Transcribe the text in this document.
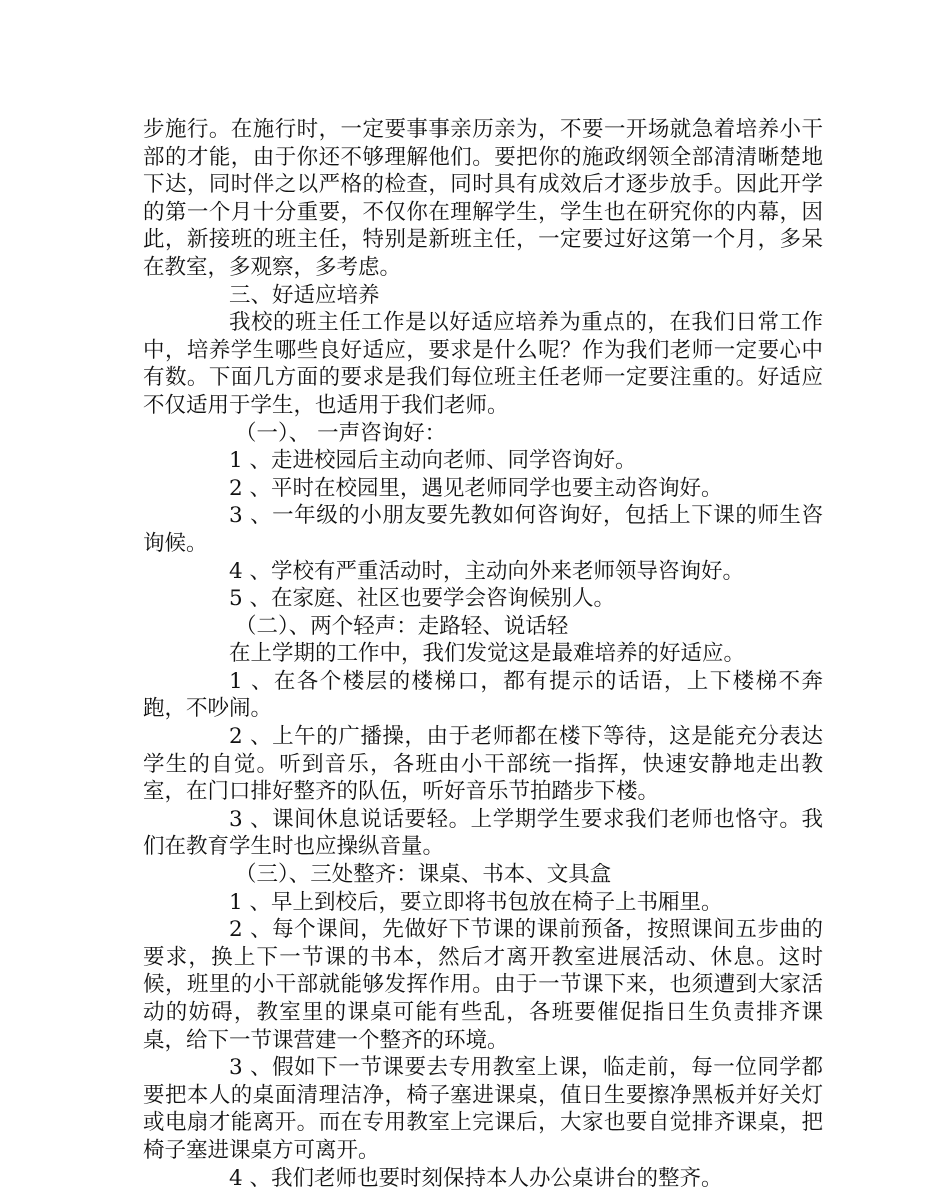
步施行。在施行时，一定要事事亲历亲为，不要一开场就急着培养小干部的才能，由于你还不够理解他们。要把你的施政纲领全部清清晰楚地下达，同时伴之以严格的检查，同时具有成效后才逐步放手。因此开学的第一个月十分重要，不仅你在理解学生，学生也在研究你的内幕，因此，新接班的班主任，特别是新班主任，一定要过好这第一个月，多呆在教室，多观察，多考虑。

三、好适应培养

我校的班主任工作是以好适应培养为重点的，在我们日常工作中，培养学生哪些良好适应，要求是什么呢？作为我们老师一定要心中有数。下面几方面的要求是我们每位班主任老师一定要注重的。好适应不仅适用于学生，也适用于我们老师。

（一）、 一声咨询好：

1 、走进校园后主动向老师、同学咨询好。

2 、平时在校园里，遇见老师同学也要主动咨询好。

3 、一年级的小朋友要先教如何咨询好，包括上下课的师生咨询候。

4 、学校有严重活动时，主动向外来老师领导咨询好。

5 、在家庭、社区也要学会咨询候别人。

（二）、两个轻声：走路轻、说话轻

在上学期的工作中，我们发觉这是最难培养的好适应。

1 、在各个楼层的楼梯口，都有提示的话语，上下楼梯不奔跑，不吵闹。

2 、上午的广播操，由于老师都在楼下等待，这是能充分表达学生的自觉。听到音乐，各班由小干部统一指挥，快速安静地走出教室，在门口排好整齐的队伍，听好音乐节拍踏步下楼。

3 、课间休息说话要轻。上学期学生要求我们老师也恪守。我们在教育学生时也应操纵音量。

（三）、三处整齐：课桌、书本、文具盒

1 、早上到校后，要立即将书包放在椅子上书厢里。

2 、每个课间，先做好下节课的课前预备，按照课间五步曲的要求，换上下一节课的书本，然后才离开教室进展活动、休息。这时候，班里的小干部就能够发挥作用。由于一节课下来，也须遭到大家活动的妨碍，教室里的课桌可能有些乱，各班要催促指日生负责排齐课桌，给下一节课营建一个整齐的环境。

3 、假如下一节课要去专用教室上课，临走前，每一位同学都要把本人的桌面清理洁净，椅子塞进课桌，值日生要擦净黑板并好关灯或电扇才能离开。而在专用教室上完课后，大家也要自觉排齐课桌，把椅子塞进课桌方可离开。

4 、我们老师也要时刻保持本人办公桌讲台的整齐。
